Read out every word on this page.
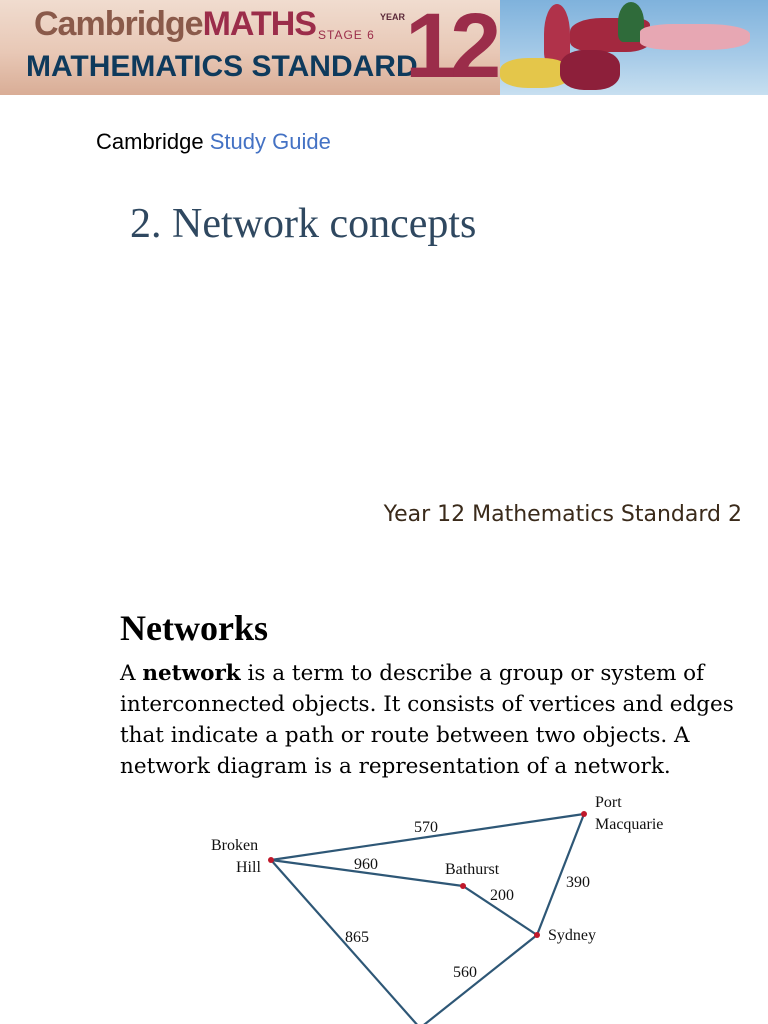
CambridgeMATHS STAGE 6
MATHEMATICS STANDARD
YEAR 12
Cambridge Study Guide
2. Network concepts
Year 12 Mathematics Standard 2
Networks
A network is a term to describe a group or system of interconnected objects. It consists of vertices and edges that indicate a path or route between two objects. A network diagram is a representation of a network.
Broken
Hill
Port
Macquarie
Bathurst
Sydney
570
960
200
390
865
560
